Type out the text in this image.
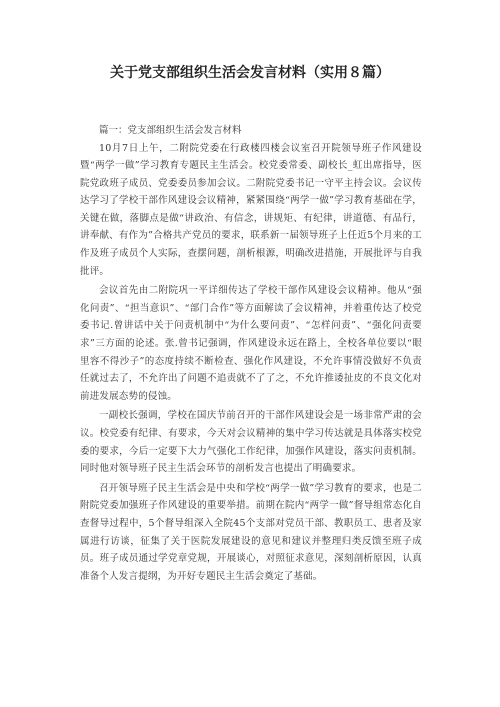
关于党支部组织生活会发言材料（实用８篇）

篇一：党支部组织生活会发言材料

10月7日上午，二附院党委在行政楼四楼会议室召开院领导班子作风建设暨“两学一做”学习教育专题民主生活会。校党委常委、副校长_虹出席指导，医院党政班子成员、党委委员参加会议。二附院党委书记一守平主持会议。会议传达学习了学校干部作风建设会议精神，紧紧围绕“两学一做”学习教育基础在学，关键在做，落脚点是做“讲政治、有信念，讲规矩、有纪律，讲道德、有品行，讲奉献、有作为”合格共产党员的要求，联系新一届领导班子上任近5个月来的工作及班子成员个人实际，查摆问题，剖析根源，明确改进措施，开展批评与自我批评。

会议首先由二附院巩一平详细传达了学校干部作风建设会议精神。他从“强化问责”、“担当意识”、“部门合作”等方面解读了会议精神，并着重传达了校党委书记.曾讲话中关于问责机制中“为什么要问责”、“怎样问责”、“强化问责要求”三方面的论述。张.曾书记强调，作风建设永远在路上，全校各单位要以“眼里容不得沙子”的态度持续不断检查、强化作风建设，不允许事情没做好不负责任就过去了，不允许出了问题不追责就不了了之，不允许推诿扯皮的不良文化对前进发展态势的侵蚀。

一副校长强调，学校在国庆节前召开的干部作风建设会是一场非常严肃的会议。校党委有纪律、有要求，今天对会议精神的集中学习传达就是具体落实校党委的要求，今后一定要下大力气强化工作纪律，加强作风建设，落实问责机制。同时他对领导班子民主生活会环节的剖析发言也提出了明确要求。

召开领导班子民主生活会是中央和学校“两学一做”学习教育的要求，也是二附院党委加强班子作风建设的重要举措。前期在院内“两学一做”督导组常态化自查督导过程中，5个督导组深入全院45个支部对党员干部、教职员工、患者及家属进行访谈，征集了关于医院发展建设的意见和建议并整理归类反馈至班子成员。班子成员通过学党章党规，开展谈心，对照征求意见，深刻剖析原因，认真准备个人发言提纲，为开好专题民主生活会奠定了基础。
